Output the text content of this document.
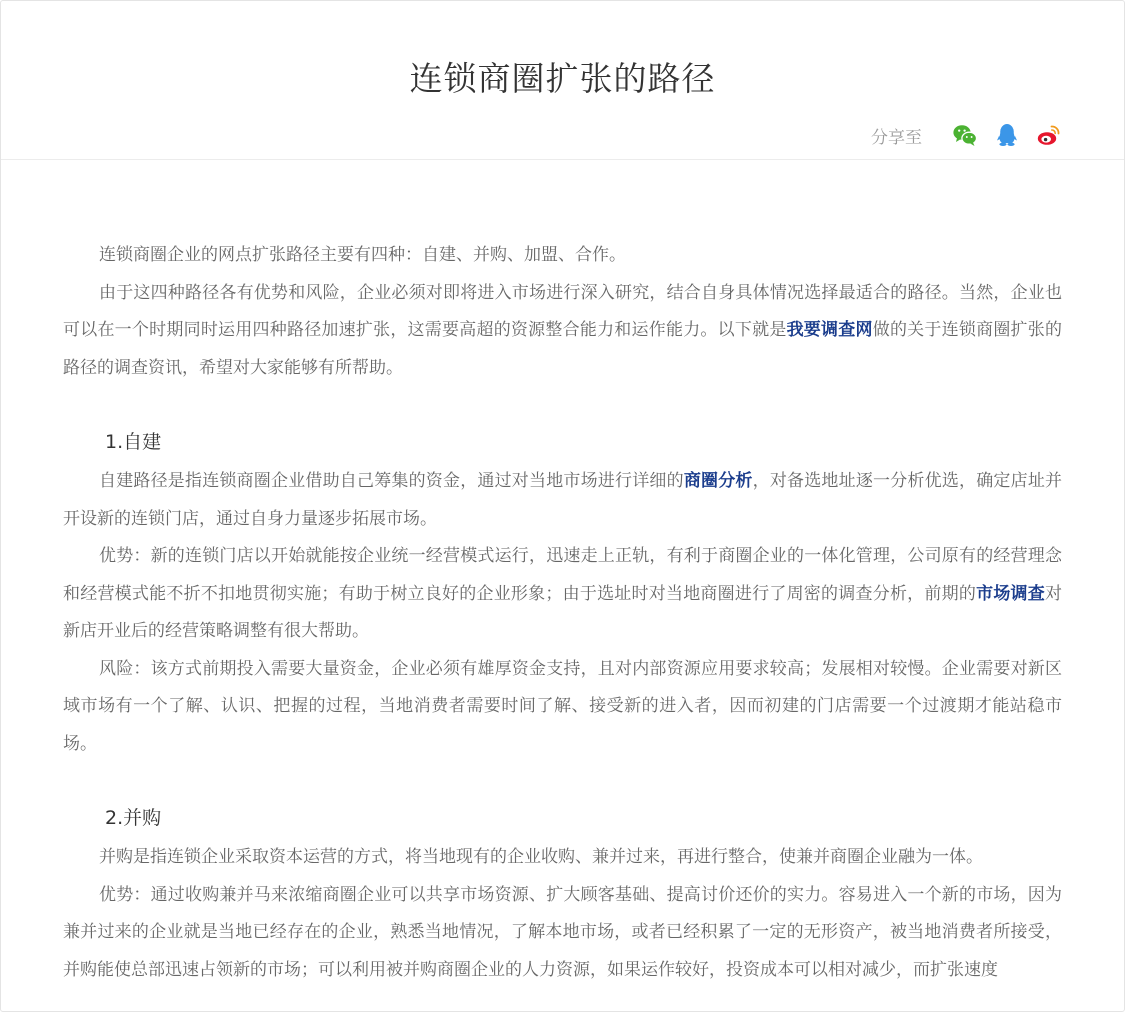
连锁商圈扩张的路径
分享至

连锁商圈企业的网点扩张路径主要有四种：自建、并购、加盟、合作。

由于这四种路径各有优势和风险，企业必须对即将进入市场进行深入研究，结合自身具体情况选择最适合的路径。当然，企业也可以在一个时期同时运用四种路径加速扩张，这需要高超的资源整合能力和运作能力。以下就是我要调查网做的关于连锁商圈扩张的路径的调查资讯，希望对大家能够有所帮助。

1.自建

自建路径是指连锁商圈企业借助自己筹集的资金，通过对当地市场进行详细的商圈分析，对备选地址逐一分析优选，确定店址并开设新的连锁门店，通过自身力量逐步拓展市场。

优势：新的连锁门店以开始就能按企业统一经营模式运行，迅速走上正轨，有利于商圈企业的一体化管理，公司原有的经营理念和经营模式能不折不扣地贯彻实施；有助于树立良好的企业形象；由于选址时对当地商圈进行了周密的调查分析，前期的市场调查对新店开业后的经营策略调整有很大帮助。

风险：该方式前期投入需要大量资金，企业必须有雄厚资金支持，且对内部资源应用要求较高；发展相对较慢。企业需要对新区域市场有一个了解、认识、把握的过程，当地消费者需要时间了解、接受新的进入者，因而初建的门店需要一个过渡期才能站稳市场。

2.并购

并购是指连锁企业采取资本运营的方式，将当地现有的企业收购、兼并过来，再进行整合，使兼并商圈企业融为一体。

优势：通过收购兼并马来浓缩商圈企业可以共享市场资源、扩大顾客基础、提高讨价还价的实力。容易进入一个新的市场，因为兼并过来的企业就是当地已经存在的企业，熟悉当地情况，了解本地市场，或者已经积累了一定的无形资产，被当地消费者所接受，并购能使总部迅速占领新的市场；可以利用被并购商圈企业的人力资源，如果运作较好，投资成本可以相对减少，而扩张速度
